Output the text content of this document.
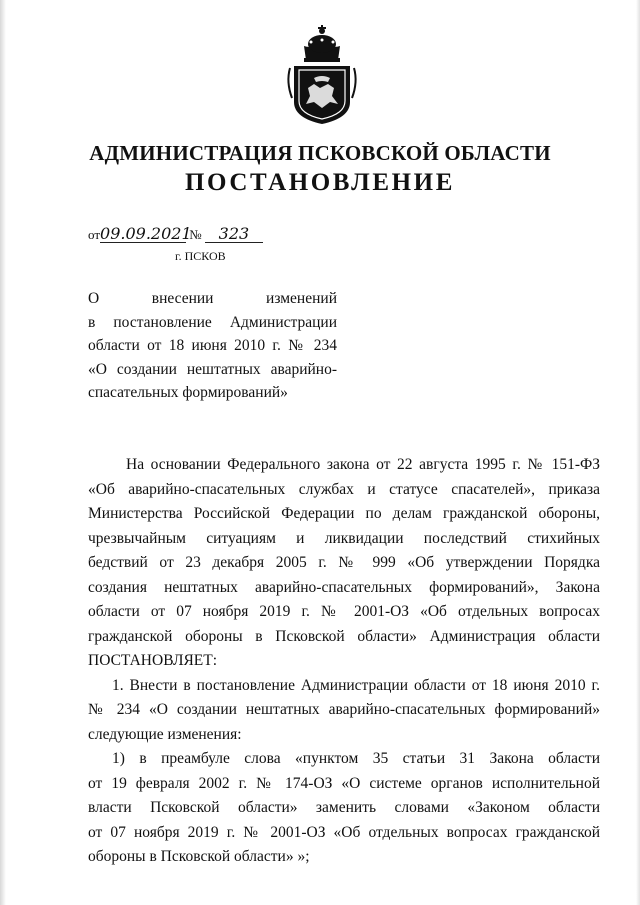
АДМИНИСТРАЦИЯ ПСКОВСКОЙ ОБЛАСТИ
ПОСТАНОВЛЕНИЕ
от09.09.2021 № 323
г. ПСКОВ

О внесении изменений

в постановление Администрации

области от 18 июня 2010 г. № 234

«О создании нештатных аварийно-

спасательных формирований»

На основании Федерального закона от 22 августа 1995 г. № 151-ФЗ

«Об аварийно-спасательных службах и статусе спасателей», приказа

Министерства Российской Федерации по делам гражданской обороны,

чрезвычайным ситуациям и ликвидации последствий стихийных

бедствий от 23 декабря 2005 г. № 999 «Об утверждении Порядка

создания нештатных аварийно-спасательных формирований», Закона

области от 07 ноября 2019 г. № 2001-ОЗ «Об отдельных вопросах

гражданской обороны в Псковской области» Администрация области

ПОСТАНОВЛЯЕТ:

1. Внести в постановление Администрации области от 18 июня 2010 г.

№ 234 «О создании нештатных аварийно-спасательных формирований»

следующие изменения:

1) в преамбуле слова «пунктом 35 статьи 31 Закона области

от 19 февраля 2002 г. № 174-ОЗ «О системе органов исполнительной

власти Псковской области» заменить словами «Законом области

от 07 ноября 2019 г. № 2001-ОЗ «Об отдельных вопросах гражданской

обороны в Псковской области» »;
